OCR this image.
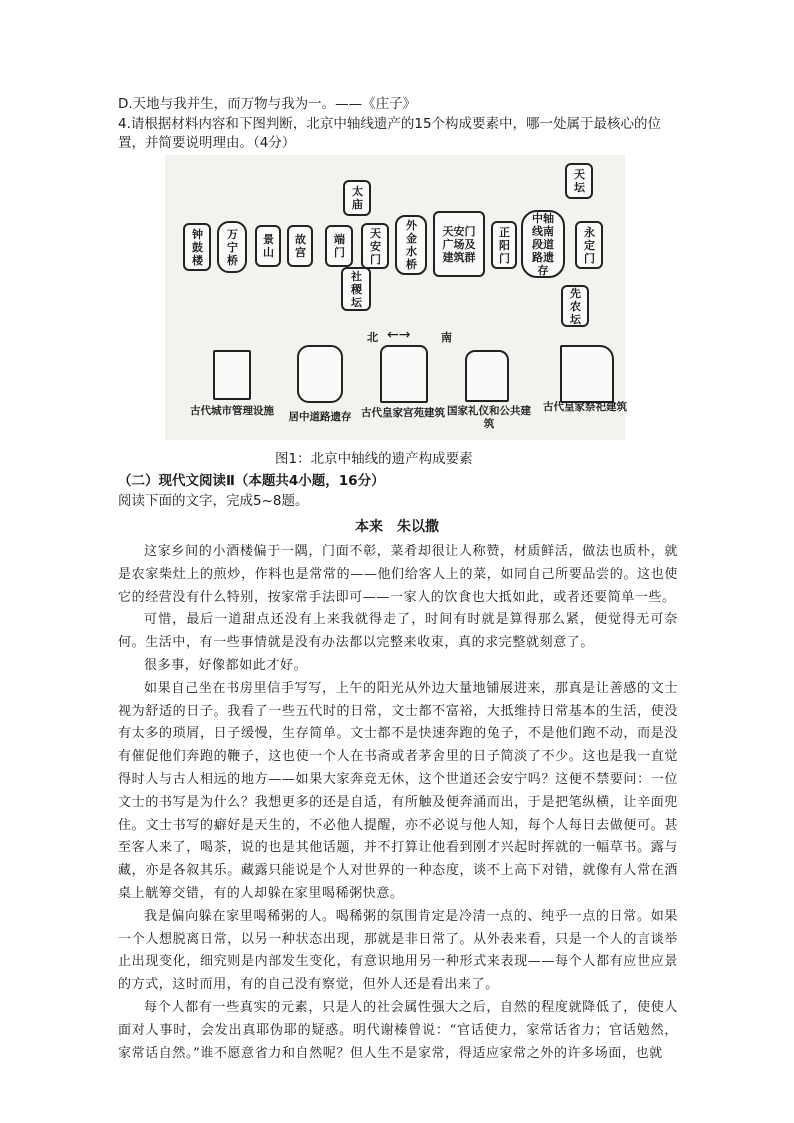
D.天地与我并生，而万物与我为一。——《庄子》
4.请根据材料内容和下图判断，北京中轴线遗产的15个构成要素中，哪一处属于最核心的位
置，并简要说明理由。（4分）
太庙
天坛
钟鼓楼
万宁桥
景山
故宫
端门
天安门
外金水桥
天安门广场及建筑群
正阳门
中轴线南段道路遗存
永定门
社稷坛
先农坛
北 ←→	南
古代城市管理设施	居中道路遗存 古代皇家宫苑建筑 国家礼仪和公共建筑
古代皇家祭祀建筑
图1：北京中轴线的遗产构成要素
（二）现代文阅读Ⅱ（本题共4小题，16分）
阅读下面的文字，完成5~8题。
本来　朱以撒

这家乡间的小酒楼偏于一隅，门面不彰，菜肴却很让人称赞，材质鲜活，做法也质朴，就是农家柴灶上的煎炒，作料也是常常的——他们给客人上的菜，如同自己所要品尝的。这也使它的经营没有什么特别，按家常手法即可——一家人的饮食也大抵如此，或者还要简单一些。

可惜，最后一道甜点还没有上来我就得走了，时间有时就是算得那么紧，便觉得无可奈何。生活中，有一些事情就是没有办法都以完整来收束，真的求完整就刻意了。

很多事，好像都如此才好。

如果自己坐在书房里信手写写，上午的阳光从外边大量地铺展进来，那真是让善感的文士视为舒适的日子。我看了一些五代时的日常，文士都不富裕，大抵维持日常基本的生活，使没有太多的琐屑，日子缓慢，生存简单。文士都不是快速奔跑的兔子，不是他们跑不动，而是没有催促他们奔跑的鞭子，这也使一个人在书斋或者茅舍里的日子简淡了不少。这也是我一直觉得时人与古人相远的地方——如果大家奔竞无休，这个世道还会安宁吗？这便不禁要问：一位文士的书写是为什么？我想更多的还是自适，有所触及便奔涌而出，于是把笔纵横，让辛面兜住。文士书写的癖好是天生的，不必他人提醒，亦不必说与他人知，每个人每日去做便可。甚至客人来了，喝茶，说的也是其他话题，并不打算让他看到刚才兴起时挥就的一幅草书。露与藏，亦是各叙其乐。藏露只能说是个人对世界的一种态度，谈不上高下对错，就像有人常在酒桌上觥筹交错，有的人却躲在家里喝稀粥快意。

我是偏向躲在家里喝稀粥的人。喝稀粥的氛围肯定是冷清一点的、纯乎一点的日常。如果一个人想脱离日常，以另一种状态出现，那就是非日常了。从外表来看，只是一个人的言谈举止出现变化，细究则是内部发生变化，有意识地用另一种形式来表现——每个人都有应世应景的方式，这时而用，有的自己没有察觉，但外人还是看出来了。

每个人都有一些真实的元素，只是人的社会属性强大之后，自然的程度就降低了，使使人面对人事时，会发出真耶伪耶的疑惑。明代谢榛曾说：“官话使力，家常话省力；官话勉然，家常话自然。”谁不愿意省力和自然呢？但人生不是家常，得适应家常之外的许多场面，也就
